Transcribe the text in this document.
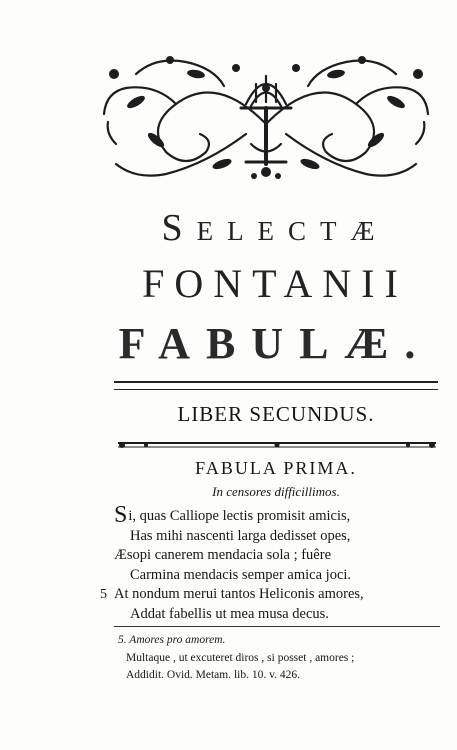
Selectæ
FONTANII
FABULÆ.
LIBER SECUNDUS.
FABULA PRIMA.
In censores difficillimos.
Si, quas Calliope lectis promisit amicis,
Has mihi nascenti larga dedisset opes,
Æsopi canerem mendacia sola ; fuêre
Carmina mendacis semper amica joci.
5 At nondum merui tantos Heliconis amores,
Addat fabellis ut mea musa decus.
5. Amores pro amorem.
Multaque , ut excuteret diros , si posset , amores ;
Addidit. Ovid. Metam. lib. 10. v. 426.
